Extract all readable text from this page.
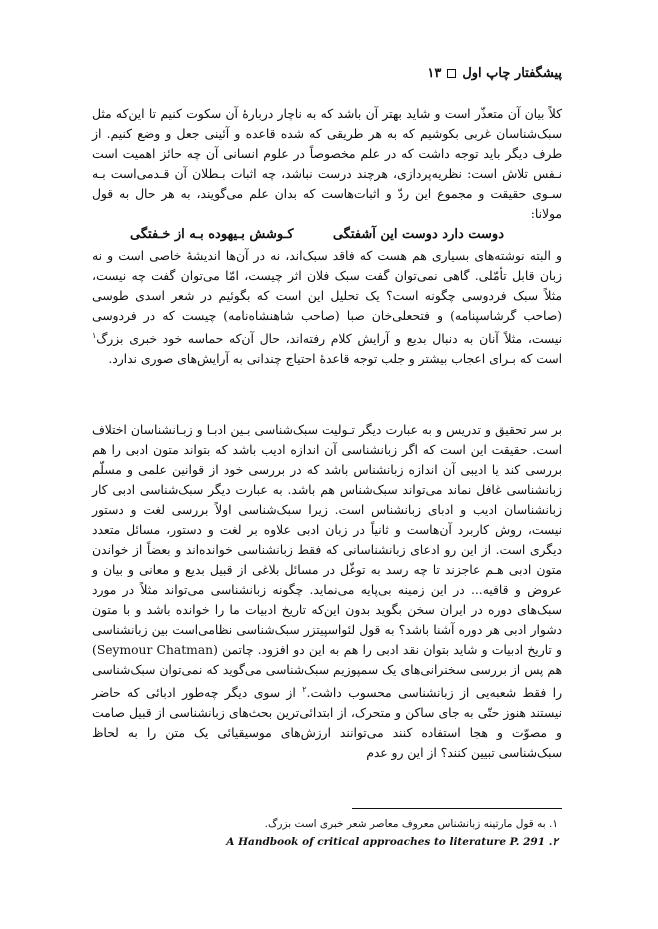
پیشگفتار چاپ اول
۱۳

کلاً بیان آن متعذّر است و شاید بهتر آن باشد که به ناچار دربارهٔ آن سکوت کنیم تا این‌که مثل سبک‌شناسان غربی بکوشیم که به هر طریقی که شده قاعده و آئینی جعل و وضع کنیم. از طرف دیگر باید توجه داشت که در علم مخصوصاً در علوم انسانی آن چه حائز اهمیت است نـفس تلاش است: نظریه‌پردازی، هرچند درست نباشد، چه اثبات بـطلان آن قـدمی‌است بـه سـوی حقیقت و مجموع این ردّ و اثبات‌هاست که بدان علم می‌گویند، به هر حال به قول مولانا:

دوست دارد دوست این آشفتگی
کـوشش بـیهوده بـه از خـفتگی

و البته نوشته‌های بسیاری هم هست که فاقد سبک‌اند، نه در آن‌ها اندیشهٔ خاصی است و نه زبان قابل تأمّلی. گاهی نمی‌توان گفت سبک فلان اثر چیست، امّا می‌توان گفت چه نیست، مثلاً سبک فردوسی چگونه است؟ یک تحلیل این است که بگوئیم در شعر اسدی طوسی (صاحب گرشاسپنامه) و فتحعلی‌خان صبا (صاحب شاهنشاه‌نامه) چیست که در فردوسی نیست، مثلاً آنان به دنبال بدیع و آرایش کلام رفته‌اند، حال آن‌که حماسه خود خبری بزرگ$^۱$ است که بـرای اعجاب بیشتر و جلب توجه قاعدهٔ احتیاج چندانی به آرایش‌های صوری ندارد.

بر سر تحقیق و تدریس و به عبارت دیگر تـولیت سبک‌شناسی بـین ادبـا و زبـانشناسان اختلاف است. حقیقت این است که اگر زبانشناسی آن اندازه ادیب باشد که بتواند متون ادبی را هم بررسی کند یا ادیبی آن اندازه زبانشناس باشد که در بررسی خود از قوانین علمی و مسلّم زبانشناسی غافل نماند می‌تواند سبک‌شناس هم باشد. به عبارت دیگر سبک‌شناسی ادبی کار زبانشناسان ادیب و ادبای زبانشناس است. زیرا سبک‌شناسی اولاً بررسی لغت و دستور نیست، روش کاربرد آن‌هاست و ثانیاً در زبان ادبی علاوه بر لغت و دستور، مسائل متعدد دیگری است. از این رو ادعای زبانشناسانی که فقط زبانشناسی خوانده‌اند و بعضاً از خواندن متون ادبی هـم عاجزند تا چه رسد به توغّل در مسائل بلاغی از قبیل بدیع و معانی و بیان و عروض و قافیه... در این زمینه بی‌پایه می‌نماید. چگونه زبانشناسی می‌تواند مثلاً در مورد سبک‌های دوره در ایران سخن بگوید بدون این‌که تاریخ ادبیات ما را خوانده باشد و با متون دشوار ادبی هر دوره آشنا باشد؟ به قول لئواسپیتزر سبک‌شناسی نظامی‌است بین زبانشناسی و تاریخ ادبیات و شاید بتوان نقد ادبی را هم به این دو افزود. چاتمن (Seymour Chatman) هم پس از بررسی سخنرانی‌های یک سمپوزیم سبک‌شناسی می‌گوید که نمی‌توان سبک‌شناسی را فقط شعبه‌یی از زبانشناسی محسوب داشت.$^۲$ از سوی دیگر چه‌طور ادبائی که حاضر نیستند هنوز حتّی به جای ساکن و متحرک، از ابتدائی‌ترین بحث‌های زبانشناسی از قبیل صامت و مصوّت و هجا استفاده کنند می‌توانند ارزش‌های موسیقیائی یک متن را به لحاظ سبک‌شناسی تبیین کنند؟ از این رو عدم

۱. به قول مارتینه زبانشناس معروف معاصر شعر خبری است بزرگ.
A Handbook of critical approaches to literature P. 291 .۲
